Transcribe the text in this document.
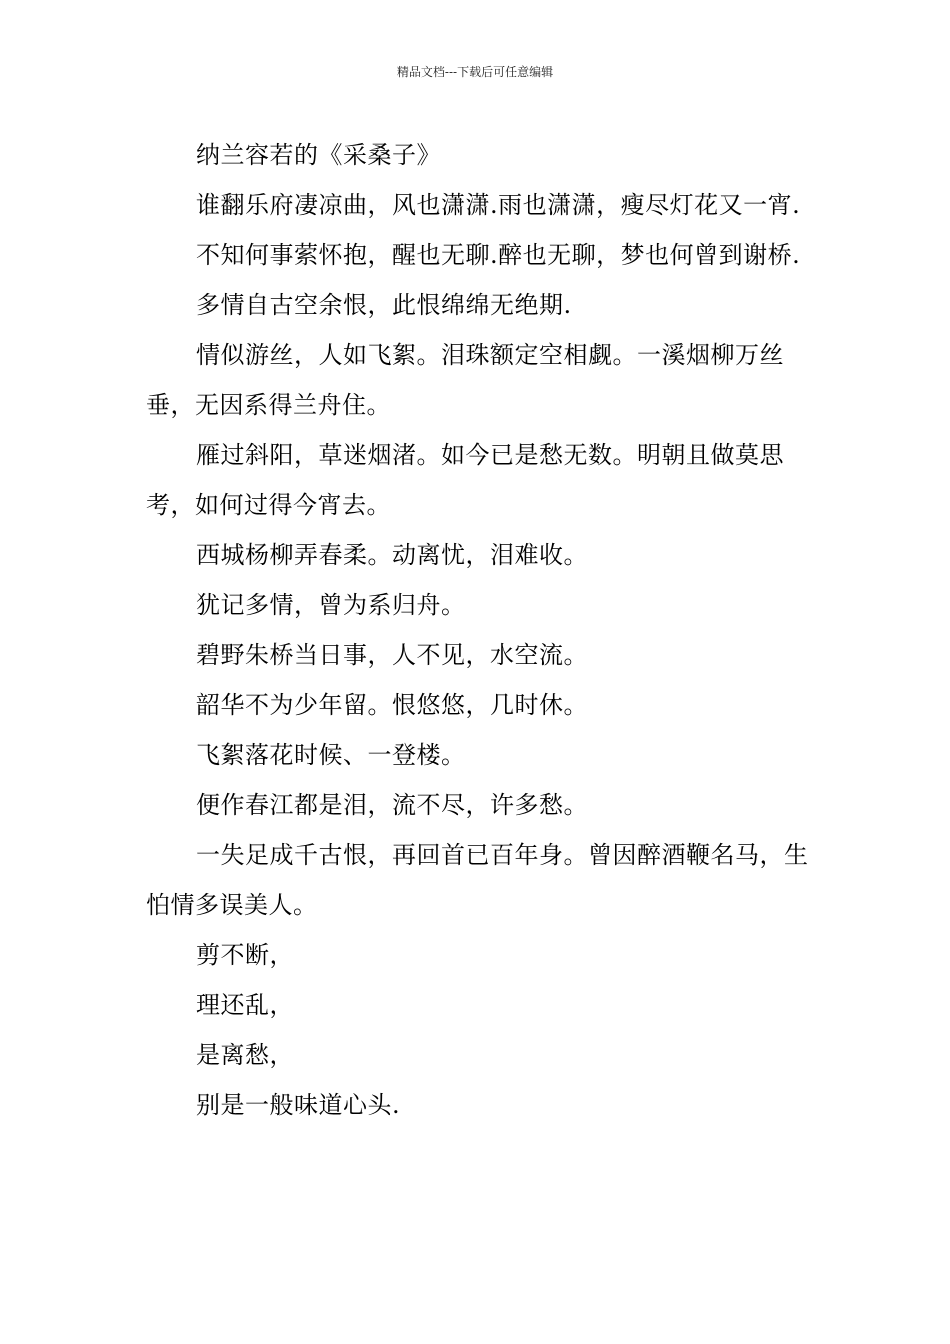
精品文档---下载后可任意编辑

纳兰容若的《采桑子》

谁翻乐府凄凉曲，风也潇潇.雨也潇潇，瘦尽灯花又一宵.

不知何事萦怀抱，醒也无聊.醉也无聊，梦也何曾到谢桥.

多情自古空余恨，此恨绵绵无绝期.

情似游丝，人如飞絮。泪珠额定空相觑。一溪烟柳万丝垂，无因系得兰舟住。

雁过斜阳，草迷烟渚。如今已是愁无数。明朝且做莫思考，如何过得今宵去。

西城杨柳弄春柔。动离忧，泪难收。

犹记多情，曾为系归舟。

碧野朱桥当日事，人不见，水空流。

韶华不为少年留。恨悠悠，几时休。

飞絮落花时候、一登楼。

便作春江都是泪，流不尽，许多愁。

一失足成千古恨，再回首已百年身。曾因醉酒鞭名马，生怕情多误美人。

剪不断，

理还乱，

是离愁，

别是一般味道心头.
